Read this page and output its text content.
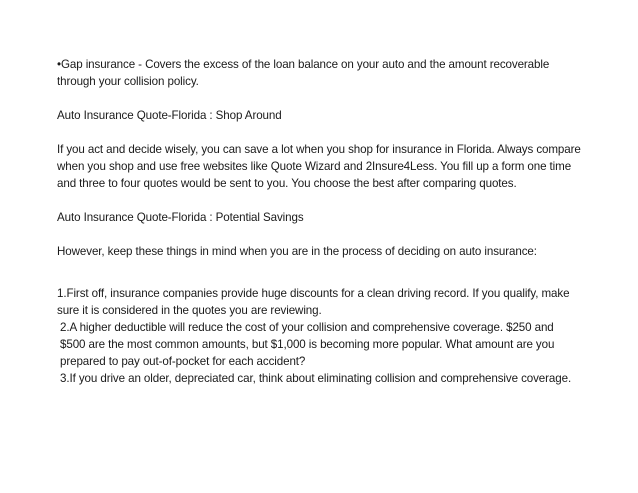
•Gap insurance - Covers the excess of the loan balance on your auto and the amount recoverable through your collision policy.

Auto Insurance Quote-Florida : Shop Around

If you act and decide wisely, you can save a lot when you shop for insurance in Florida. Always compare when you shop and use free websites like Quote Wizard and 2Insure4Less. You fill up a form one time and three to four quotes would be sent to you. You choose the best after comparing quotes.

Auto Insurance Quote-Florida : Potential Savings

However, keep these things in mind when you are in the process of deciding on auto insurance:

1.First off, insurance companies provide huge discounts for a clean driving record. If you qualify, make sure it is considered in the quotes you are reviewing.

2.A higher deductible will reduce the cost of your collision and comprehensive coverage. $250 and $500 are the most common amounts, but $1,000 is becoming more popular. What amount are you prepared to pay out-of-pocket for each accident?

3.If you drive an older, depreciated car, think about eliminating collision and comprehensive coverage.
